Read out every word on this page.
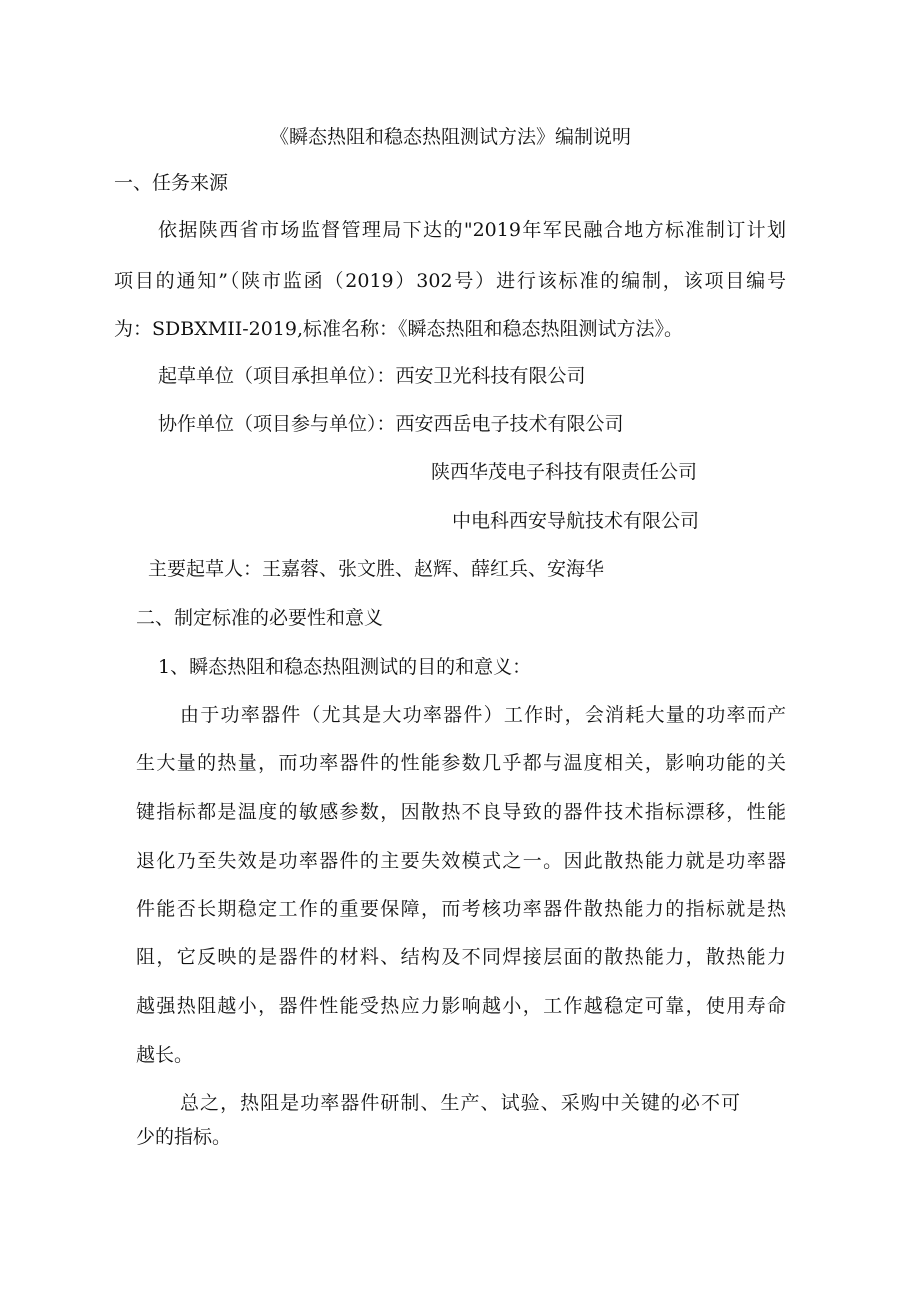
《瞬态热阻和稳态热阻测试方法》编制说明
一、任务来源
依据陕西省市场监督管理局下达的"2019年军民融合地方标准制订计划
项目的通知”（陕市监函（2019）302号）进行该标准的编制，该项目编号
为：SDBXMII-2019,标准名称：《瞬态热阻和稳态热阻测试方法》。
起草单位（项目承担单位）：西安卫光科技有限公司
协作单位（项目参与单位）：西安西岳电子技术有限公司
陕西华茂电子科技有限责任公司
中电科西安导航技术有限公司
主要起草人：王嘉蓉、张文胜、赵辉、薛红兵、安海华
二、制定标准的必要性和意义
1、瞬态热阻和稳态热阻测试的目的和意义：
由于功率器件（尤其是大功率器件）工作时，会消耗大量的功率而产
生大量的热量，而功率器件的性能参数几乎都与温度相关，影响功能的关
键指标都是温度的敏感参数，因散热不良导致的器件技术指标漂移，性能
退化乃至失效是功率器件的主要失效模式之一。因此散热能力就是功率器
件能否长期稳定工作的重要保障，而考核功率器件散热能力的指标就是热
阻，它反映的是器件的材料、结构及不同焊接层面的散热能力，散热能力
越强热阻越小，器件性能受热应力影响越小，工作越稳定可靠，使用寿命
越长。
总之，热阻是功率器件研制、生产、试验、采购中关键的必不可
少的指标。
